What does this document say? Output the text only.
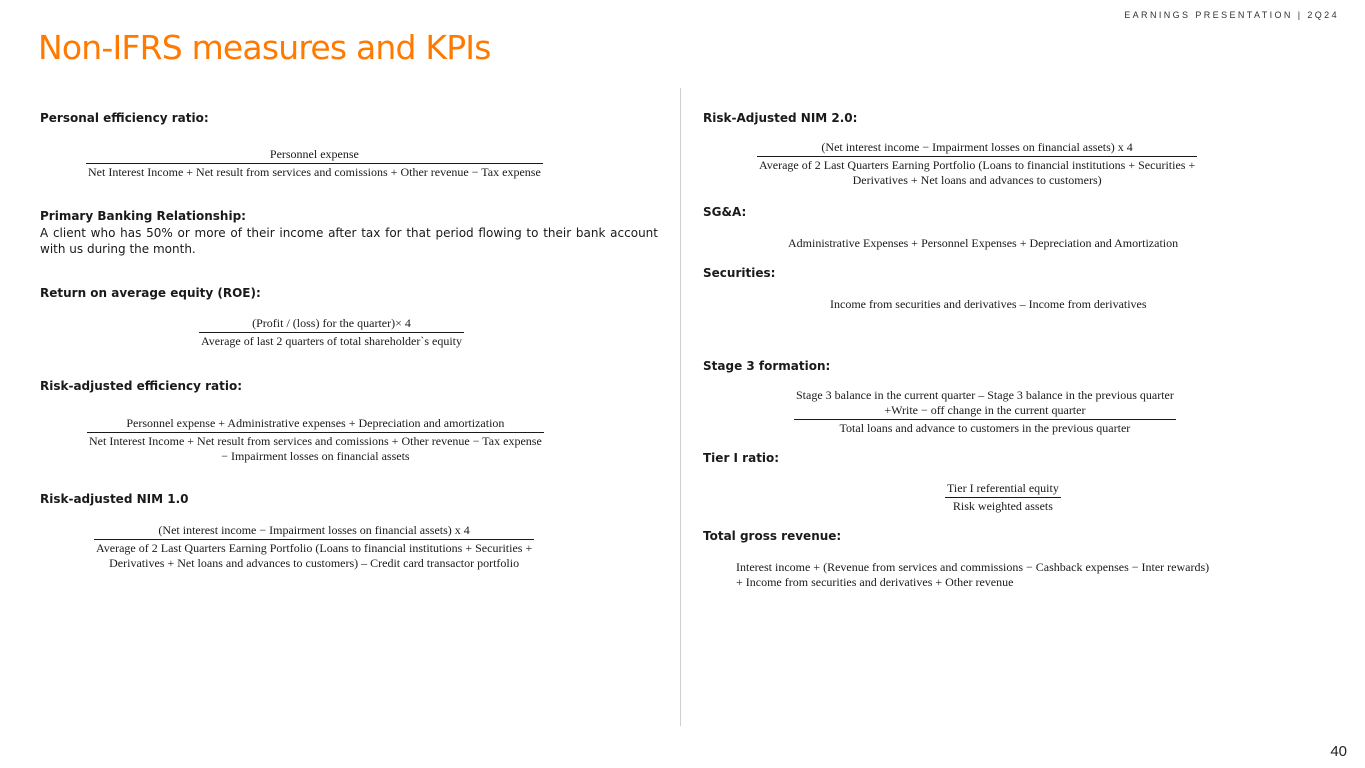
EARNINGS PRESENTATION | 2Q24
Non-IFRS measures and KPIs
Personal efficiency ratio:
Personnel expense
Net Interest Income + Net result from services and comissions + Other revenue − Tax expense
Primary Banking Relationship:
A client who has 50% or more of their income after tax for that period flowing to their bank account with us during the month.
Return on average equity (ROE):
(Profit / (loss) for the quarter)× 4
Average of last 2 quarters of total shareholder`s equity
Risk-adjusted efficiency ratio:
Personnel expense + Administrative expenses + Depreciation and amortization
Net Interest Income + Net result from services and comissions + Other revenue − Tax expense
− Impairment losses on financial assets
Risk-adjusted NIM 1.0
(Net interest income − Impairment losses on financial assets) x 4
Average of 2 Last Quarters Earning Portfolio (Loans to financial institutions + Securities +
Derivatives + Net loans and advances to customers) – Credit card transactor portfolio
Risk-Adjusted NIM 2.0:
(Net interest income − Impairment losses on financial assets) x 4
Average of 2 Last Quarters Earning Portfolio (Loans to financial institutions + Securities +
Derivatives + Net loans and advances to customers)
SG&A:
Administrative Expenses + Personnel Expenses + Depreciation and Amortization
Securities:
Income from securities and derivatives – Income from derivatives
Stage 3 formation:
Stage 3 balance in the current quarter – Stage 3 balance in the previous quarter
+Write − off change in the current quarter
Total loans and advance to customers in the previous quarter
Tier I ratio:
Tier I referential equity
Risk weighted assets
Total gross revenue:
Interest income + (Revenue from services and commissions − Cashback expenses − Inter rewards)
+ Income from securities and derivatives + Other revenue
40
